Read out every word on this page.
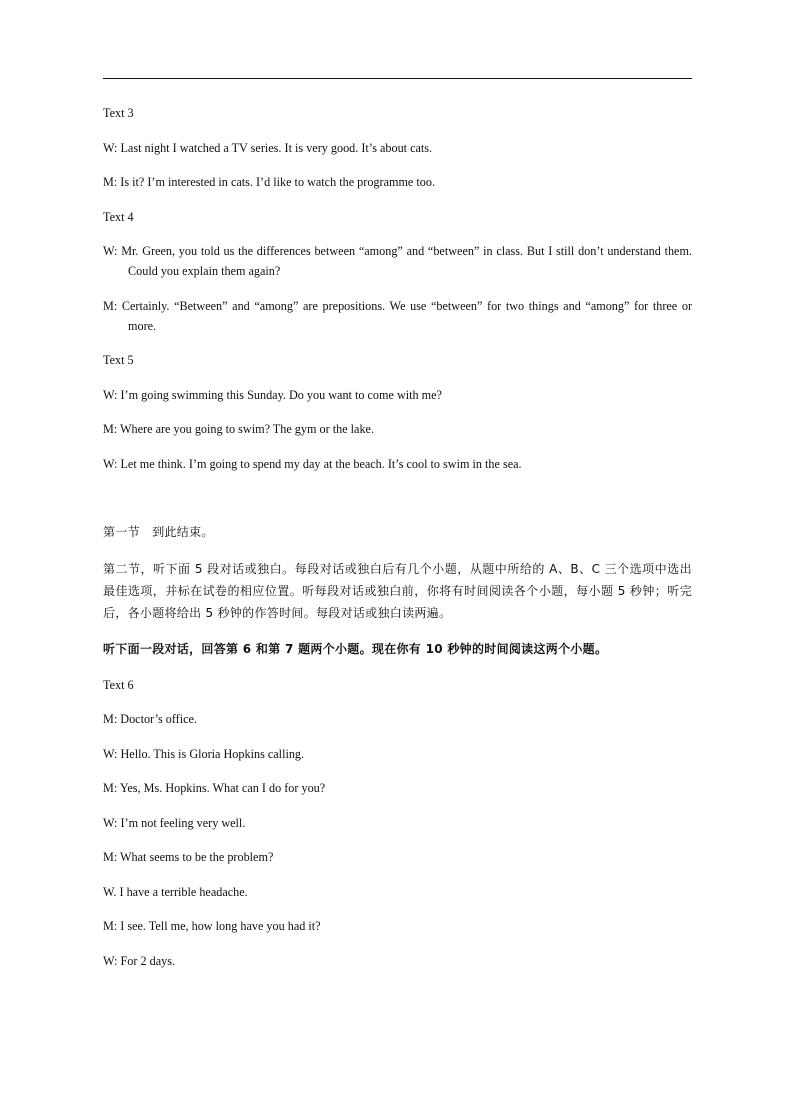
Text 3

W: Last night I watched a TV series. It is very good. It’s about cats.

M: Is it? I’m interested in cats. I’d like to watch the programme too.

Text 4

W: Mr. Green, you told us the differences between “among” and “between” in class. But I still don’t understand them. Could you explain them again?

M: Certainly. “Between” and “among” are prepositions. We use “between” for two things and “among” for three or more.

Text 5

W: I’m going swimming this Sunday. Do you want to come with me?

M: Where are you going to swim? The gym or the lake.

W: Let me think. I’m going to spend my day at the beach. It’s cool to swim in the sea.

第一节　到此结束。

第二节，听下面 5 段对话或独白。每段对话或独白后有几个小题，从题中所给的 A、B、C 三个选项中选出最佳选项，并标在试卷的相应位置。听每段对话或独白前，你将有时间阅读各个小题，每小题 5 秒钟；听完后，各小题将给出 5 秒钟的作答时间。每段对话或独白读两遍。

听下面一段对话，回答第 6 和第 7 题两个小题。现在你有 10 秒钟的时间阅读这两个小题。

Text 6

M: Doctor’s office.

W: Hello. This is Gloria Hopkins calling.

M: Yes, Ms. Hopkins. What can I do for you?

W: I’m not feeling very well.

M: What seems to be the problem?

W. I have a terrible headache.

M: I see. Tell me, how long have you had it?

W: For 2 days.
